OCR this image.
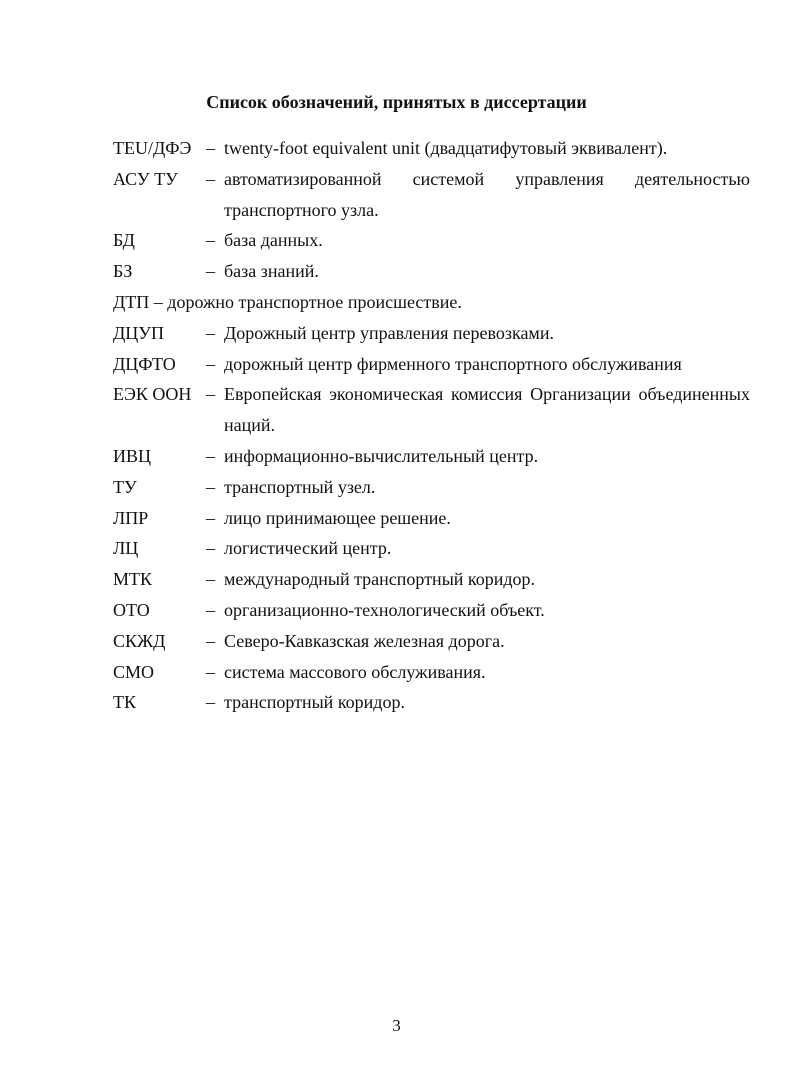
Список обозначений, принятых в диссертации
TEU/ДФЭ – twenty-foot equivalent unit (двадцатифутовый эквивалент).
АСУ ТУ	– автоматизированной системой управления деятельностью транспортного узла.
БД	– база данных.
БЗ	– база знаний.
ДТП – дорожно транспортное происшествие.
ДЦУП	– Дорожный центр управления перевозками.
ДЦФТО	– дорожный центр фирменного транспортного обслуживания
ЕЭК ООН – Европейская экономическая комиссия Организации объединенных наций.
ИВЦ	– информационно-вычислительный центр.
ТУ	– транспортный узел.
ЛПР	– лицо принимающее решение.
ЛЦ	– логистический центр.
МТК	– международный транспортный коридор.
ОТО	– организационно-технологический объект.
СКЖД	– Северо-Кавказская железная дорога.
СМО	– система массового обслуживания.
ТК	– транспортный коридор.
3
